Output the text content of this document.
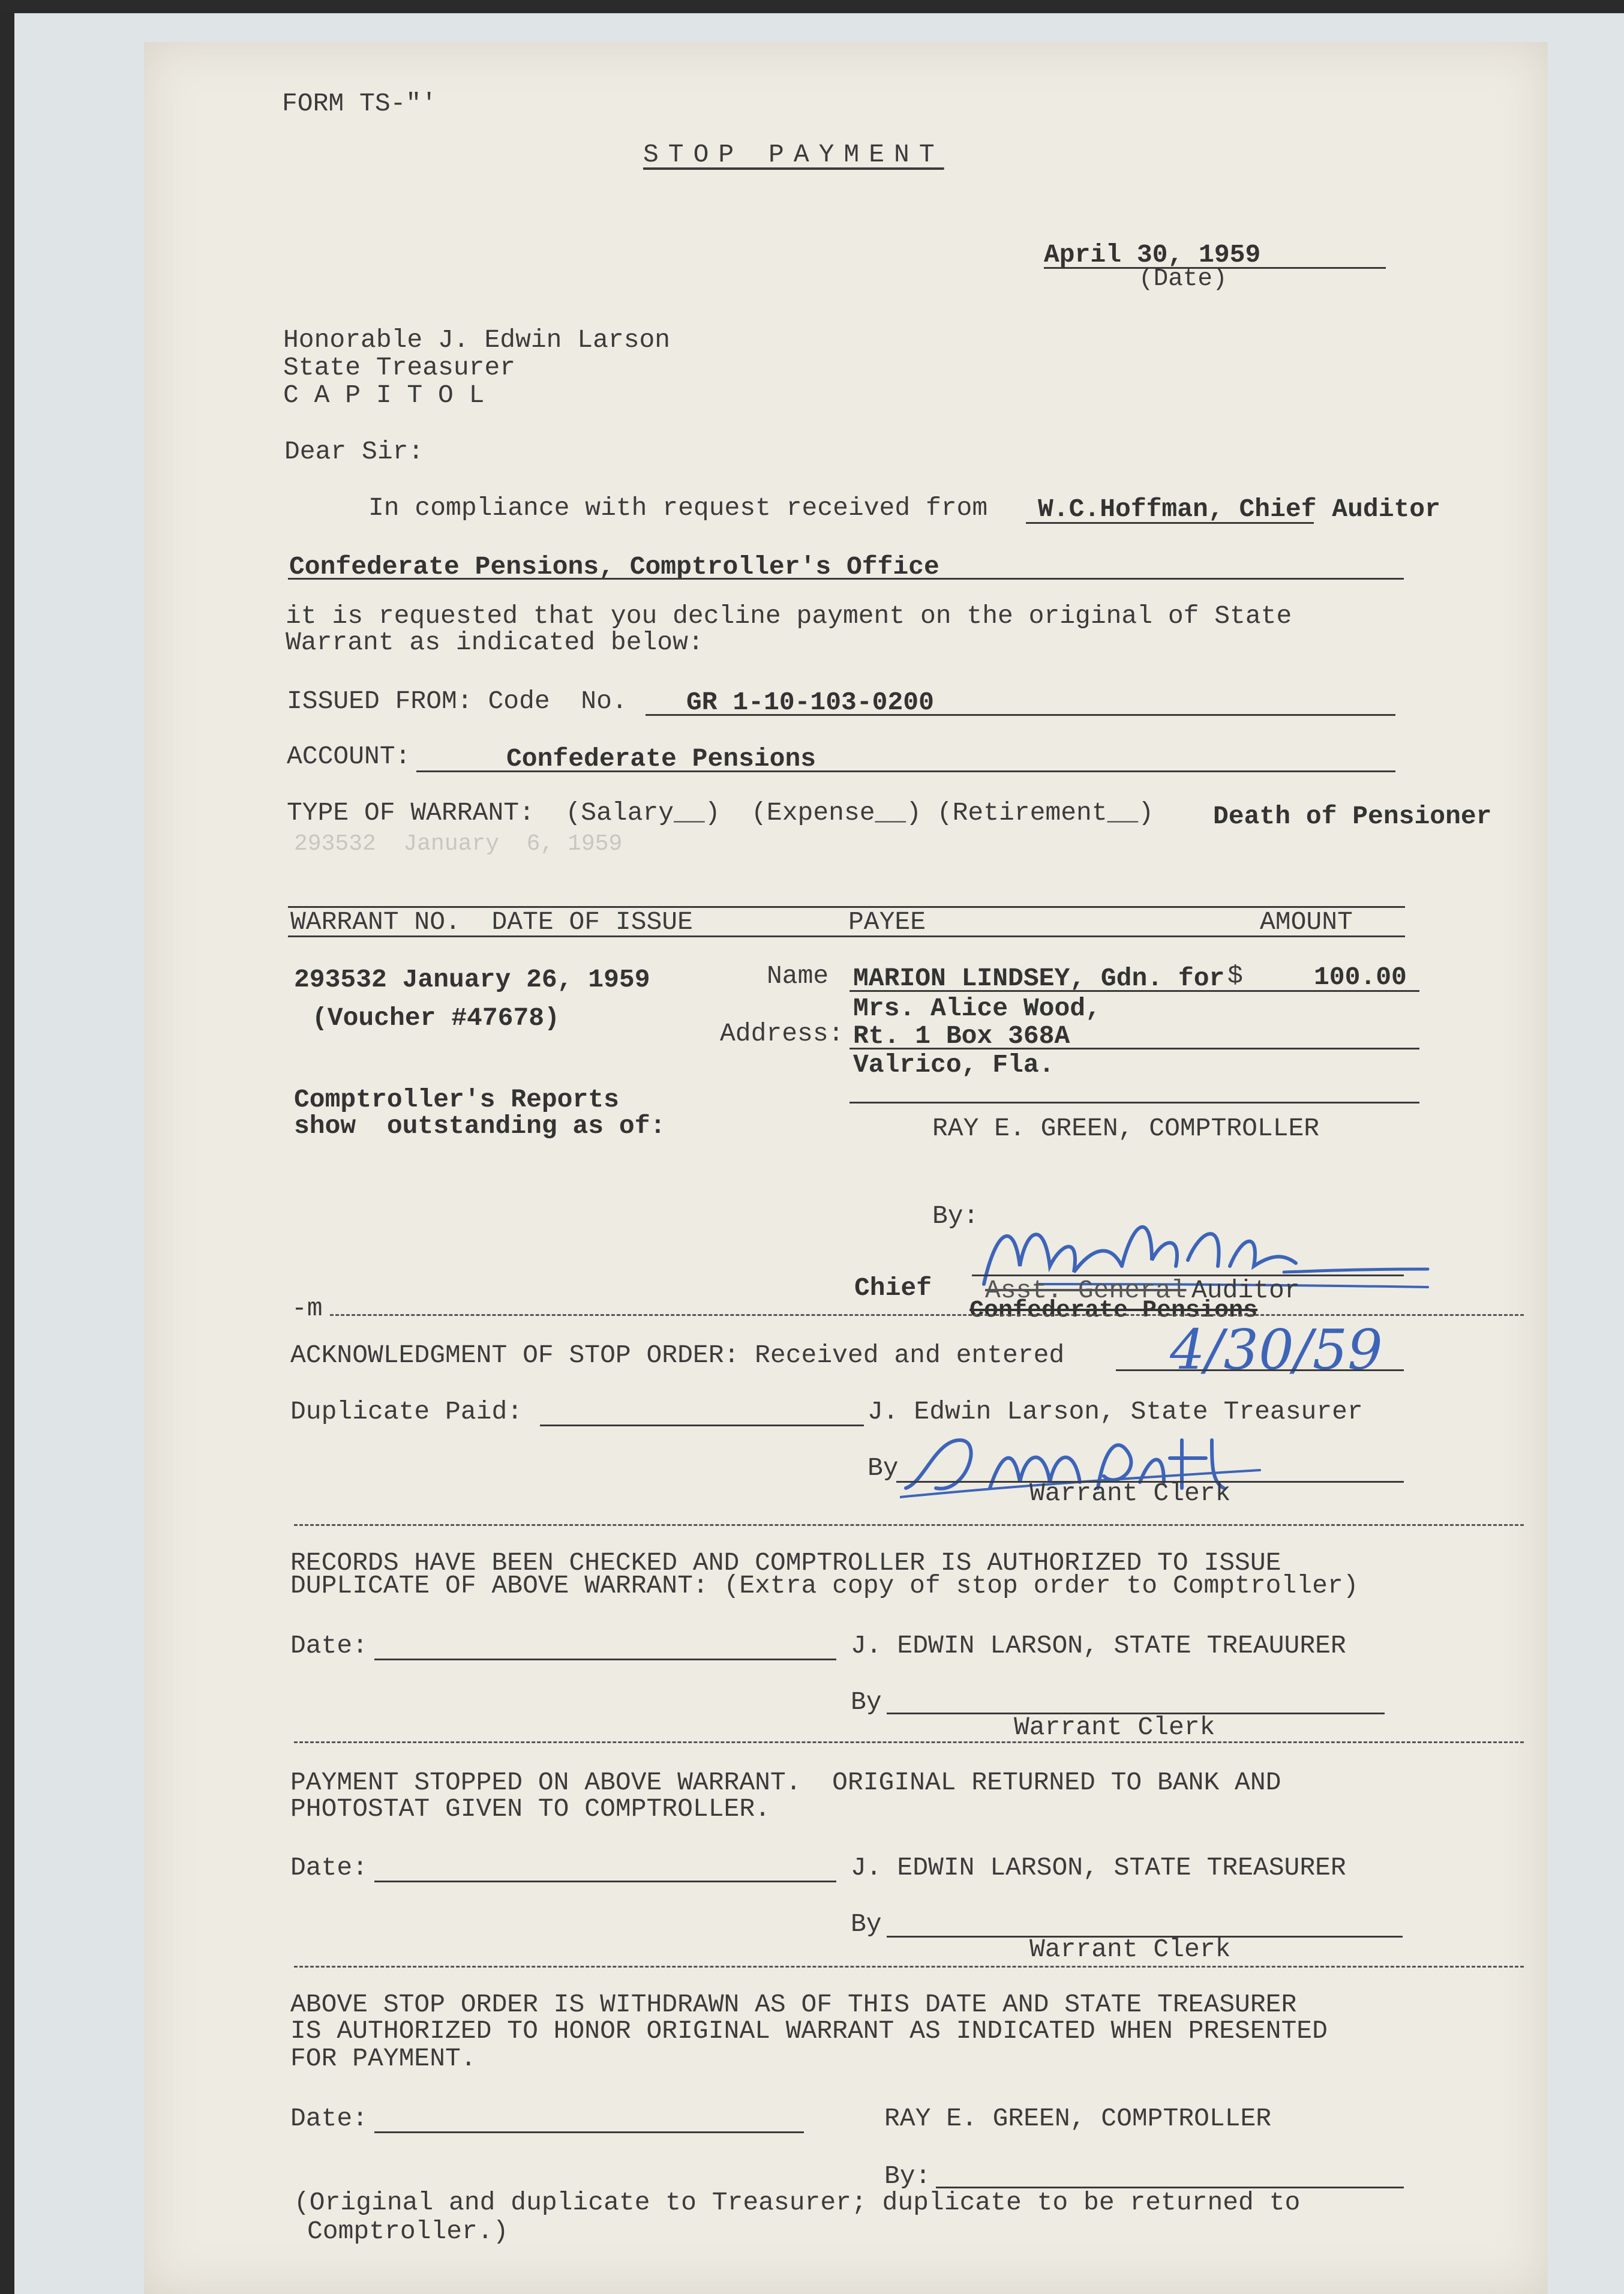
FORM TS-"'
STOP PAYMENT
April 30, 1959
(Date)
Honorable J. Edwin Larson
State Treasurer
C A P I T O L
Dear Sir:
In compliance with request received from W.C.Hoffman, Chief Auditor
Confederate Pensions, Comptroller's Office
it is requested that you decline payment on the original of State
Warrant as indicated below:
ISSUED FROM: Code  No. GR 1-10-103-0200
ACCOUNT:	Confederate Pensions
TYPE OF WARRANT:  (Salary__)  (Expense__) (Retirement__) Death of Pensioner
293532  January  6, 1959
WARRANT NO.  DATE OF ISSUE	PAYEE	AMOUNT
293532 January 26, 1959
(Voucher #47678)
Name MARION LINDSEY, Gdn. for $	100.00
Mrs. Alice Wood,
Address: Rt. 1 Box 368A
Valrico, Fla.
Comptroller's Reports
show  outstanding as of:	RAY E. GREEN, COMPTROLLER
By:
Chief Asst. General Auditor
Confederate Pensions
-m
ACKNOWLEDGMENT OF STOP ORDER: Received and entered 4/30/59
Duplicate Paid:	J. Edwin Larson, State Treasurer
By
Warrant Clerk
RECORDS HAVE BEEN CHECKED AND COMPTROLLER IS AUTHORIZED TO ISSUE
DUPLICATE OF ABOVE WARRANT: (Extra copy of stop order to Comptroller)
Date:	J. EDWIN LARSON, STATE TREAUURER
By
Warrant Clerk
PAYMENT STOPPED ON ABOVE WARRANT.  ORIGINAL RETURNED TO BANK AND
PHOTOSTAT GIVEN TO COMPTROLLER.
Date:	J. EDWIN LARSON, STATE TREASURER
By
Warrant Clerk
ABOVE STOP ORDER IS WITHDRAWN AS OF THIS DATE AND STATE TREASURER
IS AUTHORIZED TO HONOR ORIGINAL WARRANT AS INDICATED WHEN PRESENTED
FOR PAYMENT.
Date:	RAY E. GREEN, COMPTROLLER
By:
(Original and duplicate to Treasurer; duplicate to be returned to
Comptroller.)
